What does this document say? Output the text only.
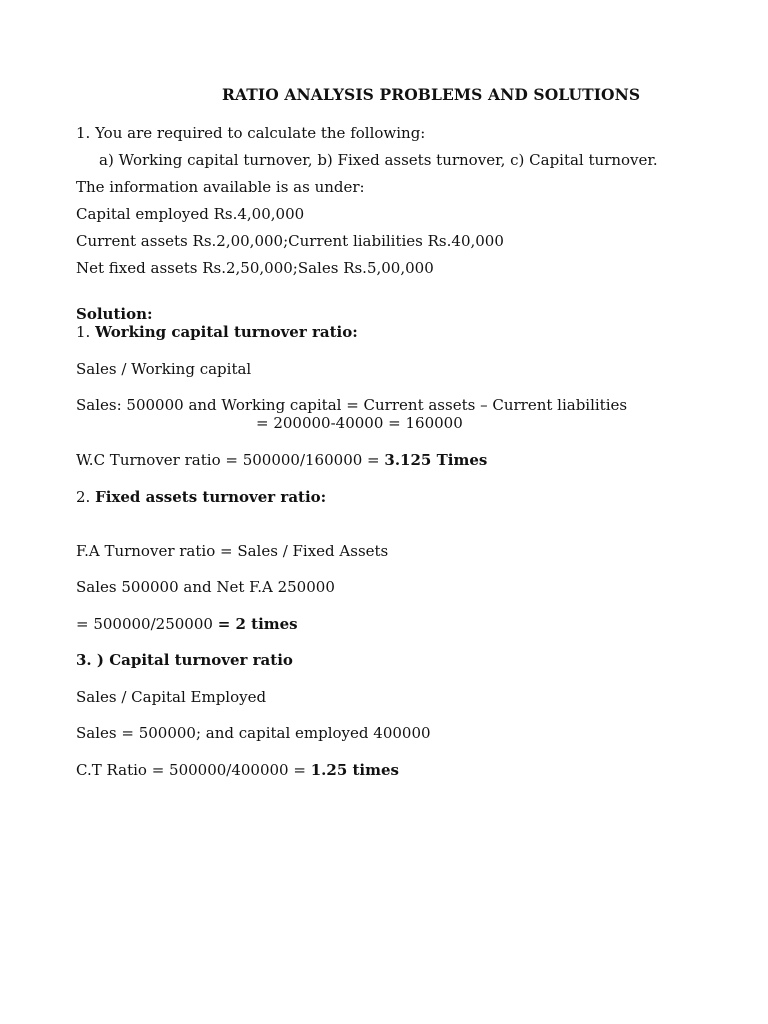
RATIO ANALYSIS PROBLEMS AND SOLUTIONS
1. You are required to calculate the following:
a) Working capital turnover, b) Fixed assets turnover, c) Capital turnover.
The information available is as under:
Capital employed Rs.4,00,000
Current assets Rs.2,00,000;Current liabilities Rs.40,000
Net fixed assets Rs.2,50,000;Sales Rs.5,00,000
Solution:
1. Working capital turnover ratio:
Sales / Working capital
Sales: 500000 and Working capital = Current assets – Current liabilities
= 200000-40000 = 160000
W.C Turnover ratio = 500000/160000 = 3.125 Times
2. Fixed assets turnover ratio:
F.A Turnover ratio = Sales / Fixed Assets
Sales 500000 and Net F.A 250000
= 500000/250000 = 2 times
3. ) Capital turnover ratio
Sales / Capital Employed
Sales = 500000; and capital employed 400000
C.T Ratio = 500000/400000 = 1.25 times
